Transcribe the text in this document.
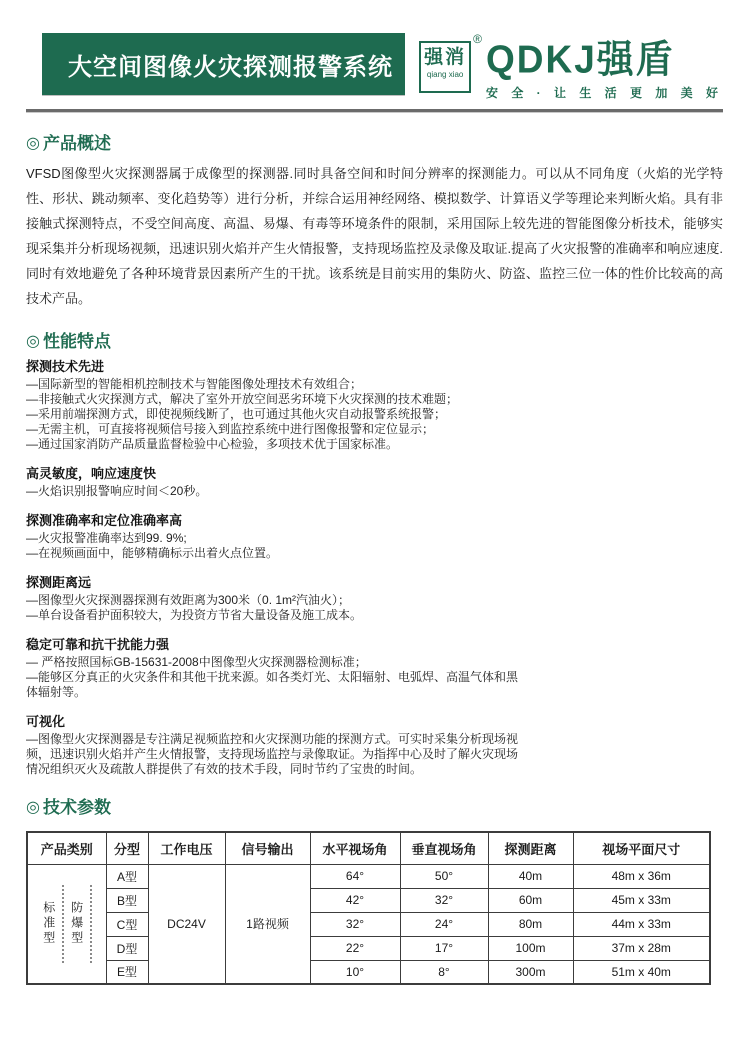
大空间图像火灾探测报警系统 强消
qiang xiao
® QDKJ强盾
安 全 · 让 生 活 更 加 美 好
◎ 产品概述

VFSD图像型火灾探测器属于成像型的探测器.同时具备空间和时间分辨率的探测能力。可以从不同角度（火焰的光学特性、形状、跳动频率、变化趋势等）进行分析，并综合运用神经网络、模拟数学、计算语义学等理论来判断火焰。具有非接触式探测特点，不受空间高度、高温、易爆、有毒等环境条件的限制，采用国际上较先进的智能图像分析技术，能够实现采集并分析现场视频，迅速识别火焰并产生火情报警，支持现场监控及录像及取证.提高了火灾报警的准确率和响应速度.同时有效地避免了各种环境背景因素所产生的干扰。该系统是目前实用的集防火、防盗、监控三位一体的性价比较高的高技术产品。

◎ 性能特点
探测技术先进
—国际新型的智能相机控制技术与智能图像处理技术有效组合；
—非接触式火灾探测方式，解决了室外开放空间恶劣环境下火灾探测的技术难题；
—采用前端探测方式，即使视频线断了，也可通过其他火灾自动报警系统报警；
—无需主机，可直接将视频信号接入到监控系统中进行图像报警和定位显示；
—通过国家消防产品质量监督检验中心检验，多项技术优于国家标准。
高灵敏度，响应速度快
—火焰识别报警响应时间＜20秒。
探测准确率和定位准确率高
—火灾报警准确率达到99. 9%;
—在视频画面中，能够精确标示出着火点位置。
探测距离远
—图像型火灾探测器探测有效距离为300米（0. 1m²汽油火）；
—单台设备看护面积较大，为投资方节省大量设备及施工成本。
稳定可靠和抗干扰能力强
— 严格按照国标GB-15631-2008中图像型火灾探测器检测标准；
—能够区分真正的火灾条件和其他干扰来源。如各类灯光、太阳辐射、电弧焊、高温气体和黑体辐射等。
可视化
—图像型火灾探测器是专注满足视频监控和火灾探测功能的探测方式。可实时采集分析现场视频，迅速识别火焰并产生火情报警，支持现场监控与录像取证。为指挥中心及时了解火灾现场情况组织灭火及疏散人群提供了有效的技术手段，同时节约了宝贵的时间。
◎ 技术参数
产品类别	分型	工作电压	信号输出	水平视场角	垂直视场角	探测距离	视场平面尺寸

标准型 防爆型	A型	DC24V	1路视频	64°	50°	40m	48m x 36m
	B型			42°	32°	60m	45m x 33m
	C型			32°	24°	80m	44m x 33m
	D型			22°	17°	100m	37m x 28m
	E型			10°	8°	300m	51m x 40m
